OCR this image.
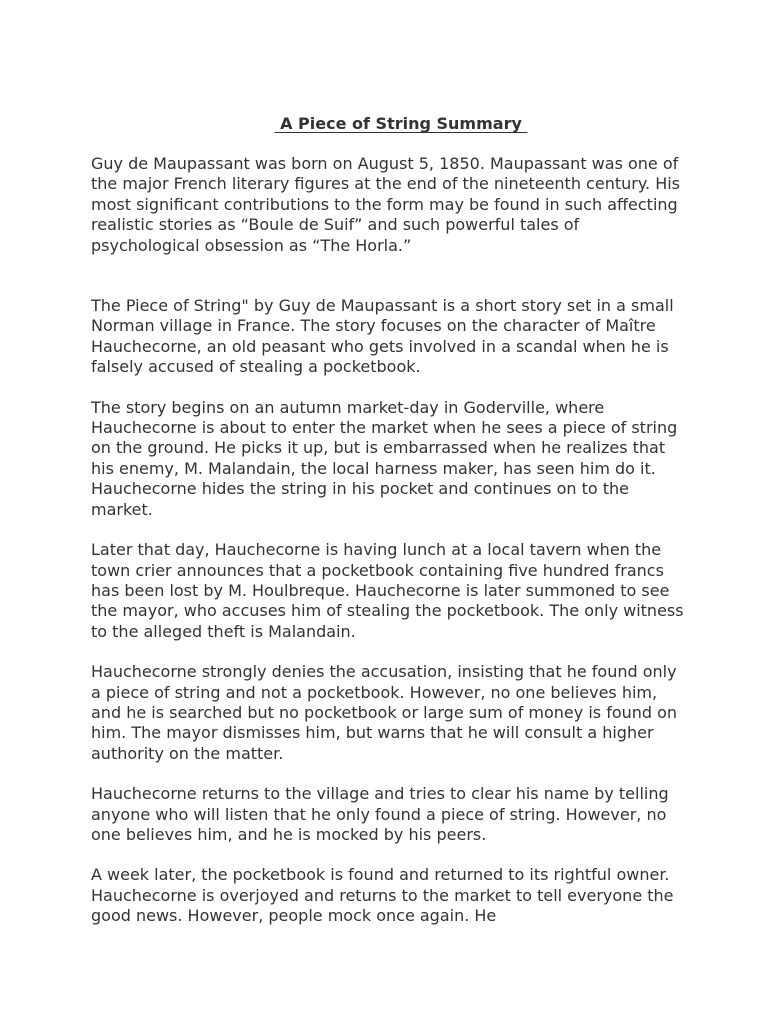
A Piece of String Summary

Guy de Maupassant was born on August 5, 1850. Maupassant was one of the major French literary figures at the end of the nineteenth century. His most significant contributions to the form may be found in such affecting realistic stories as “Boule de Suif” and such powerful tales of psychological obsession as “The Horla.”

The Piece of String" by Guy de Maupassant is a short story set in a small Norman village in France. The story focuses on the character of Maître Hauchecorne, an old peasant who gets involved in a scandal when he is falsely accused of stealing a pocketbook.

The story begins on an autumn market-day in Goderville, where Hauchecorne is about to enter the market when he sees a piece of string on the ground. He picks it up, but is embarrassed when he realizes that his enemy, M. Malandain, the local harness maker, has seen him do it. Hauchecorne hides the string in his pocket and continues on to the market.

Later that day, Hauchecorne is having lunch at a local tavern when the town crier announces that a pocketbook containing five hundred francs has been lost by M. Houlbreque. Hauchecorne is later summoned to see the mayor, who accuses him of stealing the pocketbook. The only witness to the alleged theft is Malandain.

Hauchecorne strongly denies the accusation, insisting that he found only a piece of string and not a pocketbook. However, no one believes him, and he is searched but no pocketbook or large sum of money is found on him. The mayor dismisses him, but warns that he will consult a higher authority on the matter.

Hauchecorne returns to the village and tries to clear his name by telling anyone who will listen that he only found a piece of string. However, no one believes him, and he is mocked by his peers.

A week later, the pocketbook is found and returned to its rightful owner. Hauchecorne is overjoyed and returns to the market to tell everyone the good news. However, people mock once again. He
